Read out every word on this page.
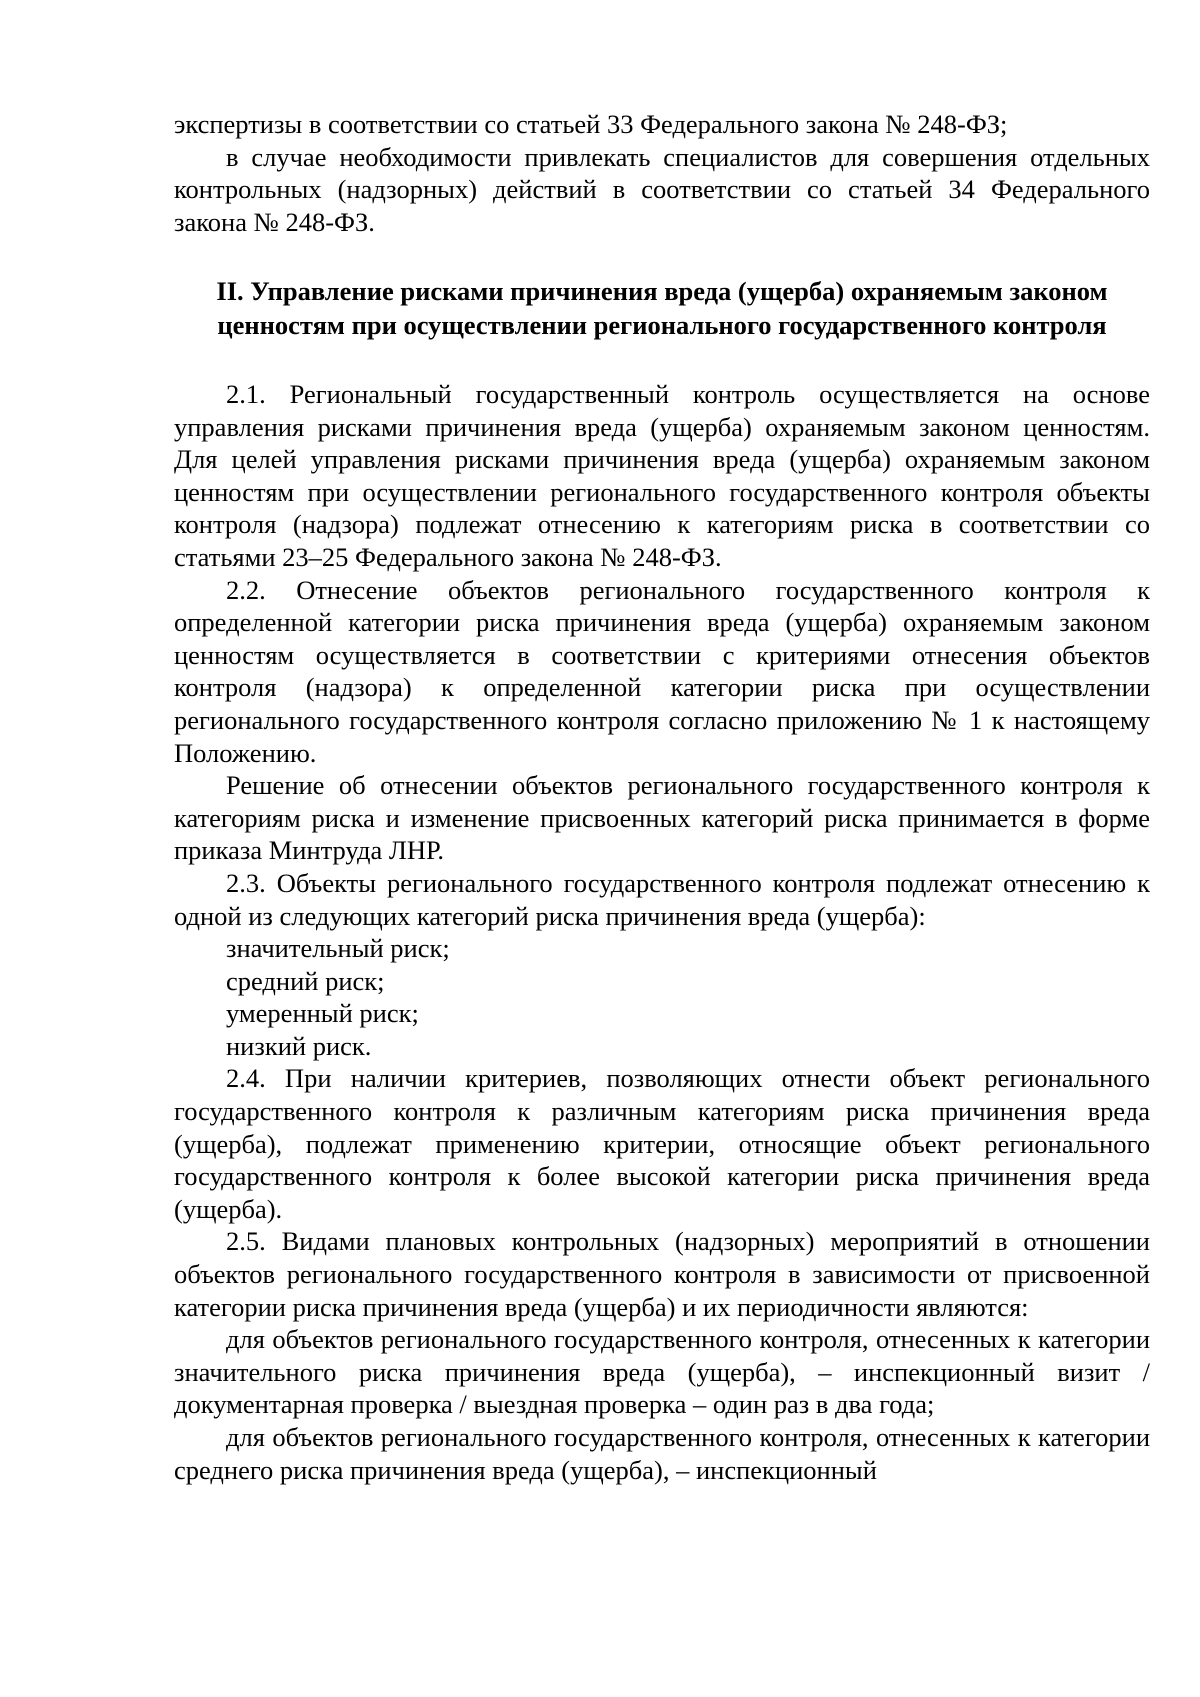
экспертизы в соответствии со статьей 33 Федерального закона № 248-ФЗ;

в случае необходимости привлекать специалистов для совершения отдельных контрольных (надзорных) действий в соответствии со статьей 34 Федерального закона № 248-ФЗ.

II. Управление рисками причинения вреда (ущерба) охраняемым законом
ценностям при осуществлении регионального государственного контроля

2.1. Региональный государственный контроль осуществляется на основе управления рисками причинения вреда (ущерба) охраняемым законом ценностям. Для целей управления рисками причинения вреда (ущерба) охраняемым законом ценностям при осуществлении регионального государственного контроля объекты контроля (надзора) подлежат отнесению к категориям риска в соответствии со статьями 23–25 Федерального закона № 248-ФЗ.

2.2. Отнесение объектов регионального государственного контроля к определенной категории риска причинения вреда (ущерба) охраняемым законом ценностям осуществляется в соответствии с критериями отнесения объектов контроля (надзора) к определенной категории риска при осуществлении регионального государственного контроля согласно приложению № 1 к настоящему Положению.

Решение об отнесении объектов регионального государственного контроля к категориям риска и изменение присвоенных категорий риска принимается в форме приказа Минтруда ЛНР.

2.3. Объекты регионального государственного контроля подлежат отнесению к одной из следующих категорий риска причинения вреда (ущерба):

значительный риск;

средний риск;

умеренный риск;

низкий риск.

2.4. При наличии критериев, позволяющих отнести объект регионального государственного контроля к различным категориям риска причинения вреда (ущерба), подлежат применению критерии, относящие объект регионального государственного контроля к более высокой категории риска причинения вреда (ущерба).

2.5. Видами плановых контрольных (надзорных) мероприятий в отношении объектов регионального государственного контроля в зависимости от присвоенной категории риска причинения вреда (ущерба) и их периодичности являются:

для объектов регионального государственного контроля, отнесенных к категории значительного риска причинения вреда (ущерба), – инспекционный визит / документарная проверка / выездная проверка – один раз в два года;

для объектов регионального государственного контроля, отнесенных к категории среднего риска причинения вреда (ущерба), – инспекционный
